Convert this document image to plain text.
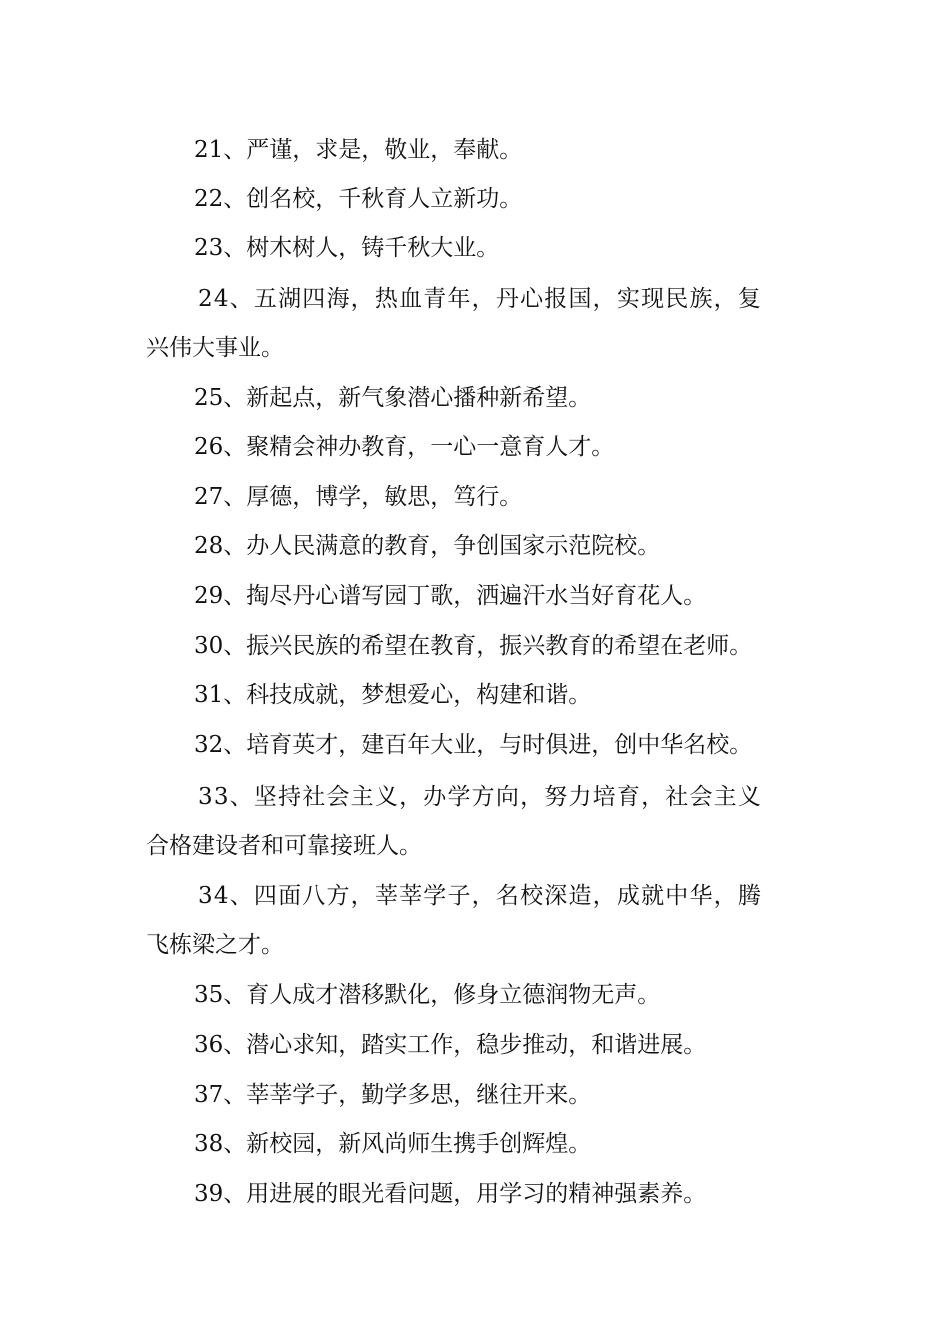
21、严谨，求是，敬业，奉献。
22、创名校，千秋育人立新功。
23、树木树人，铸千秋大业。
24、五湖四海，热血青年，丹心报国，实现民族，复
兴伟大事业。
25、新起点，新气象潜心播种新希望。
26、聚精会神办教育，一心一意育人才。
27、厚德，博学，敏思，笃行。
28、办人民满意的教育，争创国家示范院校。
29、掏尽丹心谱写园丁歌，洒遍汗水当好育花人。
30、振兴民族的希望在教育，振兴教育的希望在老师。
31、科技成就，梦想爱心，构建和谐。
32、培育英才，建百年大业，与时俱进，创中华名校。
33、坚持社会主义，办学方向，努力培育，社会主义
合格建设者和可靠接班人。
34、四面八方，莘莘学子，名校深造，成就中华，腾
飞栋梁之才。
35、育人成才潜移默化，修身立德润物无声。
36、潜心求知，踏实工作，稳步推动，和谐进展。
37、莘莘学子，勤学多思，继往开来。
38、新校园，新风尚师生携手创辉煌。
39、用进展的眼光看问题，用学习的精神强素养。
